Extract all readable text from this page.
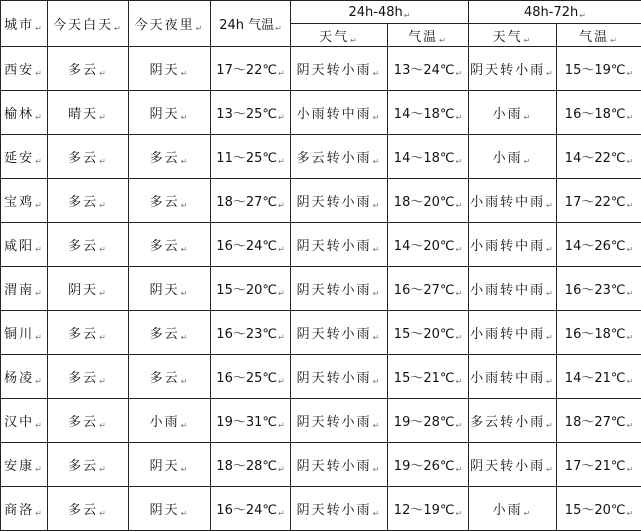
城市↵	今天白天↵	今天夜里↵	24h 气温↵	24h-48h↵		48h-72h↵	
				天气↵	气温↵	天气↵	气温↵
西安↵	多云↵	阴天↵	17～22℃↵	阴天转小雨↵	13～24℃↵	阴天转小雨↵	15～19℃↵
榆林↵	晴天↵	阴天↵	13～25℃↵	小雨转中雨↵	14～18℃↵	小雨↵	16～18℃↵
延安↵	多云↵	多云↵	11～25℃↵	多云转小雨↵	14～18℃↵	小雨↵	14～22℃↵
宝鸡↵	多云↵	多云↵	18～27℃↵	阴天转小雨↵	18～20℃↵	小雨转中雨↵	17～22℃↵
咸阳↵	多云↵	多云↵	16～24℃↵	阴天转小雨↵	14～20℃↵	小雨转中雨↵	14～26℃↵
渭南↵	阴天↵	阴天↵	15～20℃↵	阴天转小雨↵	16～27℃↵	小雨转中雨↵	16～23℃↵
铜川↵	多云↵	多云↵	16～23℃↵	阴天转小雨↵	15～20℃↵	小雨转中雨↵	16～18℃↵
杨凌↵	多云↵	多云↵	16～25℃↵	阴天转小雨↵	15～21℃↵	小雨转中雨↵	14～21℃↵
汉中↵	多云↵	小雨↵	19～31℃↵	阴天转小雨↵	19～28℃↵	多云转小雨↵	18～27℃↵
安康↵	多云↵	阴天↵	18～28℃↵	阴天转小雨↵	19～26℃↵	阴天转小雨↵	17～21℃↵
商洛↵	多云↵	阴天↵	16～24℃↵	阴天转小雨↵	12～19℃↵	小雨↵	15～20℃↵
